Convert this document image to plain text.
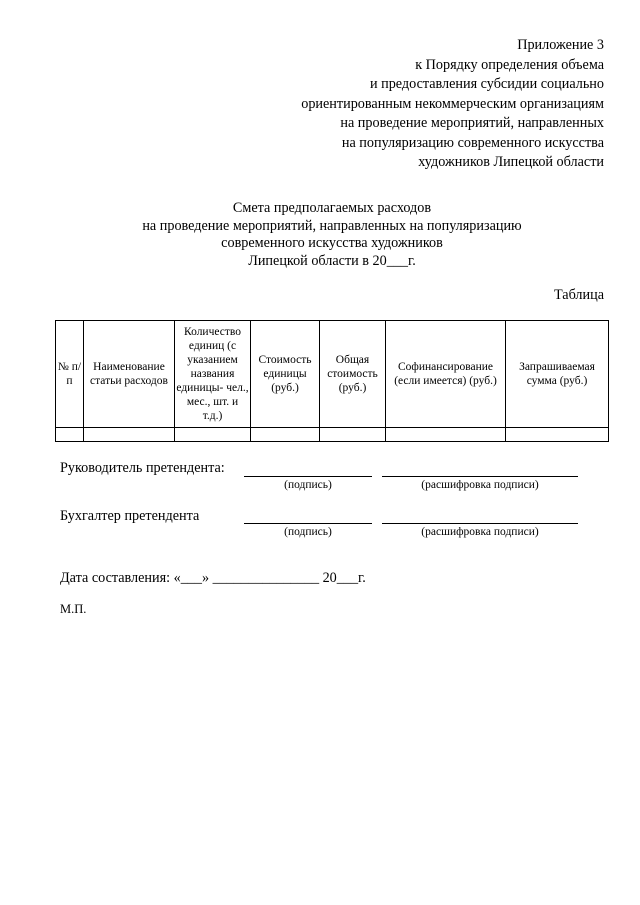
Приложение 3
к Порядку определения объема
и предоставления субсидии социально
ориентированным некоммерческим организациям
на проведение мероприятий, направленных
на популяризацию современного искусства
художников Липецкой области
Смета предполагаемых расходов
на проведение мероприятий, направленных на популяризацию
современного искусства художников
Липецкой области в 20___г.
Таблица
№ п/п	Наименование статьи расходов	Количество единиц (с указанием названия единицы- чел., мес., шт. и т.д.)	Стоимость единицы (руб.)	Общая стоимость (руб.)	Софинансирование (если имеется) (руб.)	Запрашиваемая сумма (руб.)

Руководитель претендента:
(подпись)	(расшифровка подписи)
Бухгалтер претендента
(подпись)	(расшифровка подписи)
Дата составления: «___» _______________ 20___г.
М.П.
